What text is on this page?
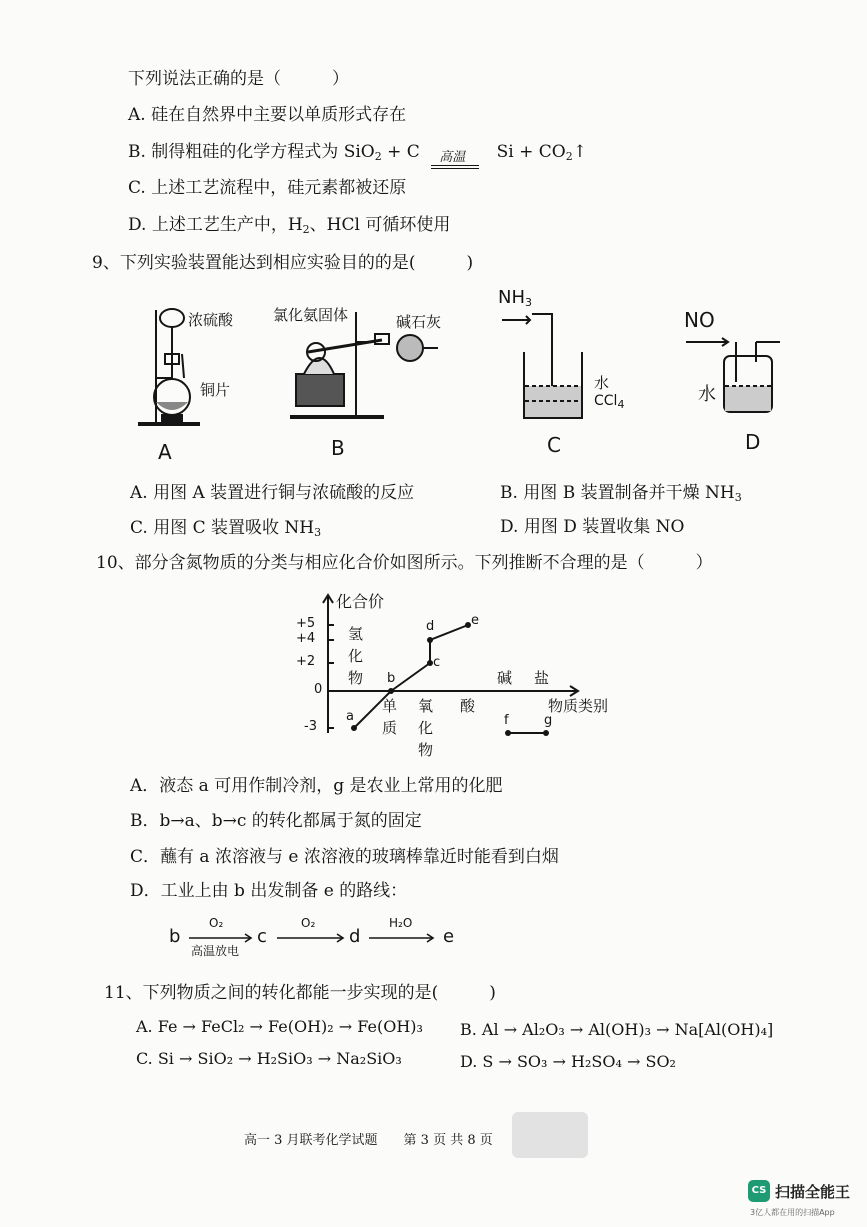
下列说法正确的是（　　　）
A. 硅在自然界中主要以单质形式存在
B. 制得粗硅的化学方程式为 SiO$_2$ + C 高温 $Si + CO_2↑$
C. 上述工艺流程中，硅元素都被还原
D. 上述工艺生产中，$H_2$、HCl 可循环使用
9、下列实验装置能达到相应实验目的的是(　　　)
浓硫酸
铜片
A
氯化氨固体	碱石灰
B
$NH_3$
水
CCl$_4$
C
NO
水
D
A. 用图 A 装置进行铜与浓硫酸的反应	B. 用图 B 装置制备并干燥 $NH_3$
C. 用图 C 装置吸收 $NH_3$	D. 用图 D 装置收集 NO
10、部分含氮物质的分类与相应化合价如图所示。下列推断不合理的是（　　　）
化合价
+5
+4
+2
0
-3
氢
化
物
单
质
氧
化
物
酸
碱 盐
物质类别
a
b
c
d	e
f	g
A．液态 a 可用作制冷剂，g 是农业上常用的化肥
B．b→a、b→c 的转化都属于氮的固定
C．蘸有 a 浓溶液与 e 浓溶液的玻璃棒靠近时能看到白烟
D．工业上由 b 出发制备 e 的路线：
b
O₂
高温放电
c
O₂
d
H₂O
e
11、下列物质之间的转化都能一步实现的是(　　　)
A. Fe → FeCl₂ → Fe(OH)₂ → Fe(OH)₃ B. Al → Al₂O₃ → Al(OH)₃ → Na[Al(OH)₄]
C. Si → SiO₂ → H₂SiO₃ → Na₂SiO₃	D. S → SO₃ → H₂SO₄ → SO₂
高一 3 月联考化学试题　　第 3 页 共 8 页
CS 扫描全能王
3亿人都在用的扫描App
